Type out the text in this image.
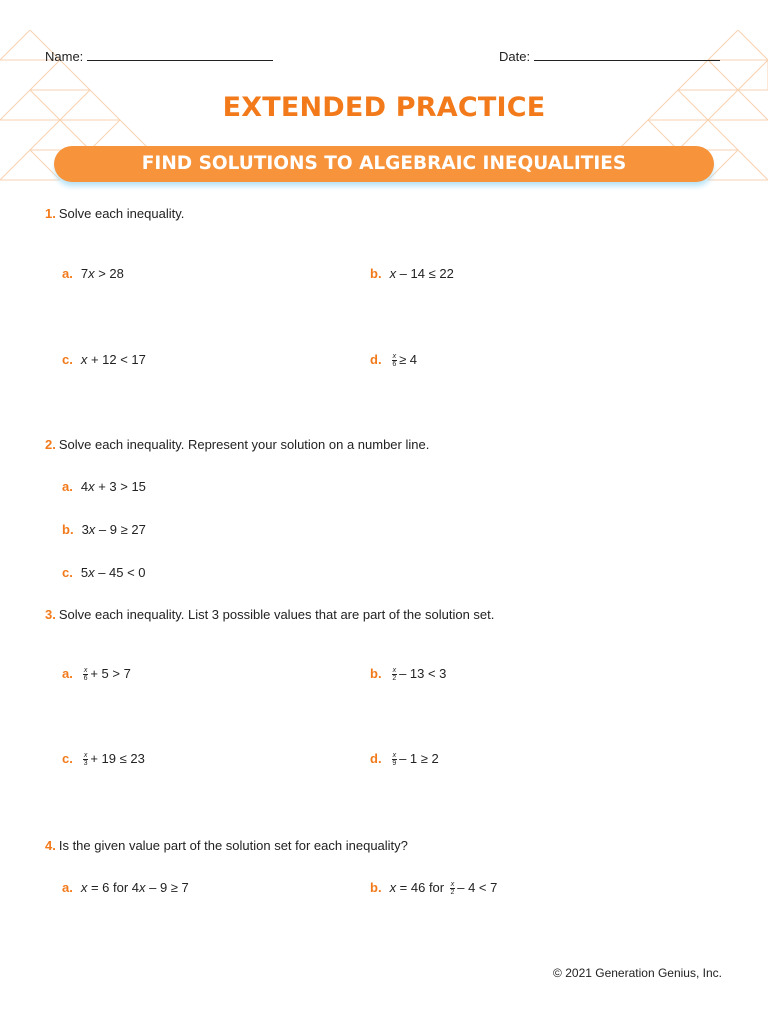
Name:	Date:
EXTENDED PRACTICE
FIND SOLUTIONS TO ALGEBRAIC INEQUALITIES
1. Solve each inequality.
a. 7x > 28	b. x – 14 ≤ 22
c. x + 12 < 17	d. $\frac{x}{6} \ge 4$
2. Solve each inequality. Represent your solution on a number line.
a. 4x + 3 > 15
b. 3x – 9 ≥ 27
c. 5x – 45 < 0
3. Solve each inequality. List 3 possible values that are part of the solution set.
a. $\frac{x}{6} + 5 > 7$	b. $\frac{x}{2} - 13 < 3$
c. $\frac{x}{3} + 19 \le 23$	d. $\frac{x}{9} - 1 \ge 2$
4. Is the given value part of the solution set for each inequality?
a. x = 6 for 4x – 9 ≥ 7	b. x = 46 for $\frac{x}{2} - 4 < 7$
© 2021 Generation Genius, Inc.
